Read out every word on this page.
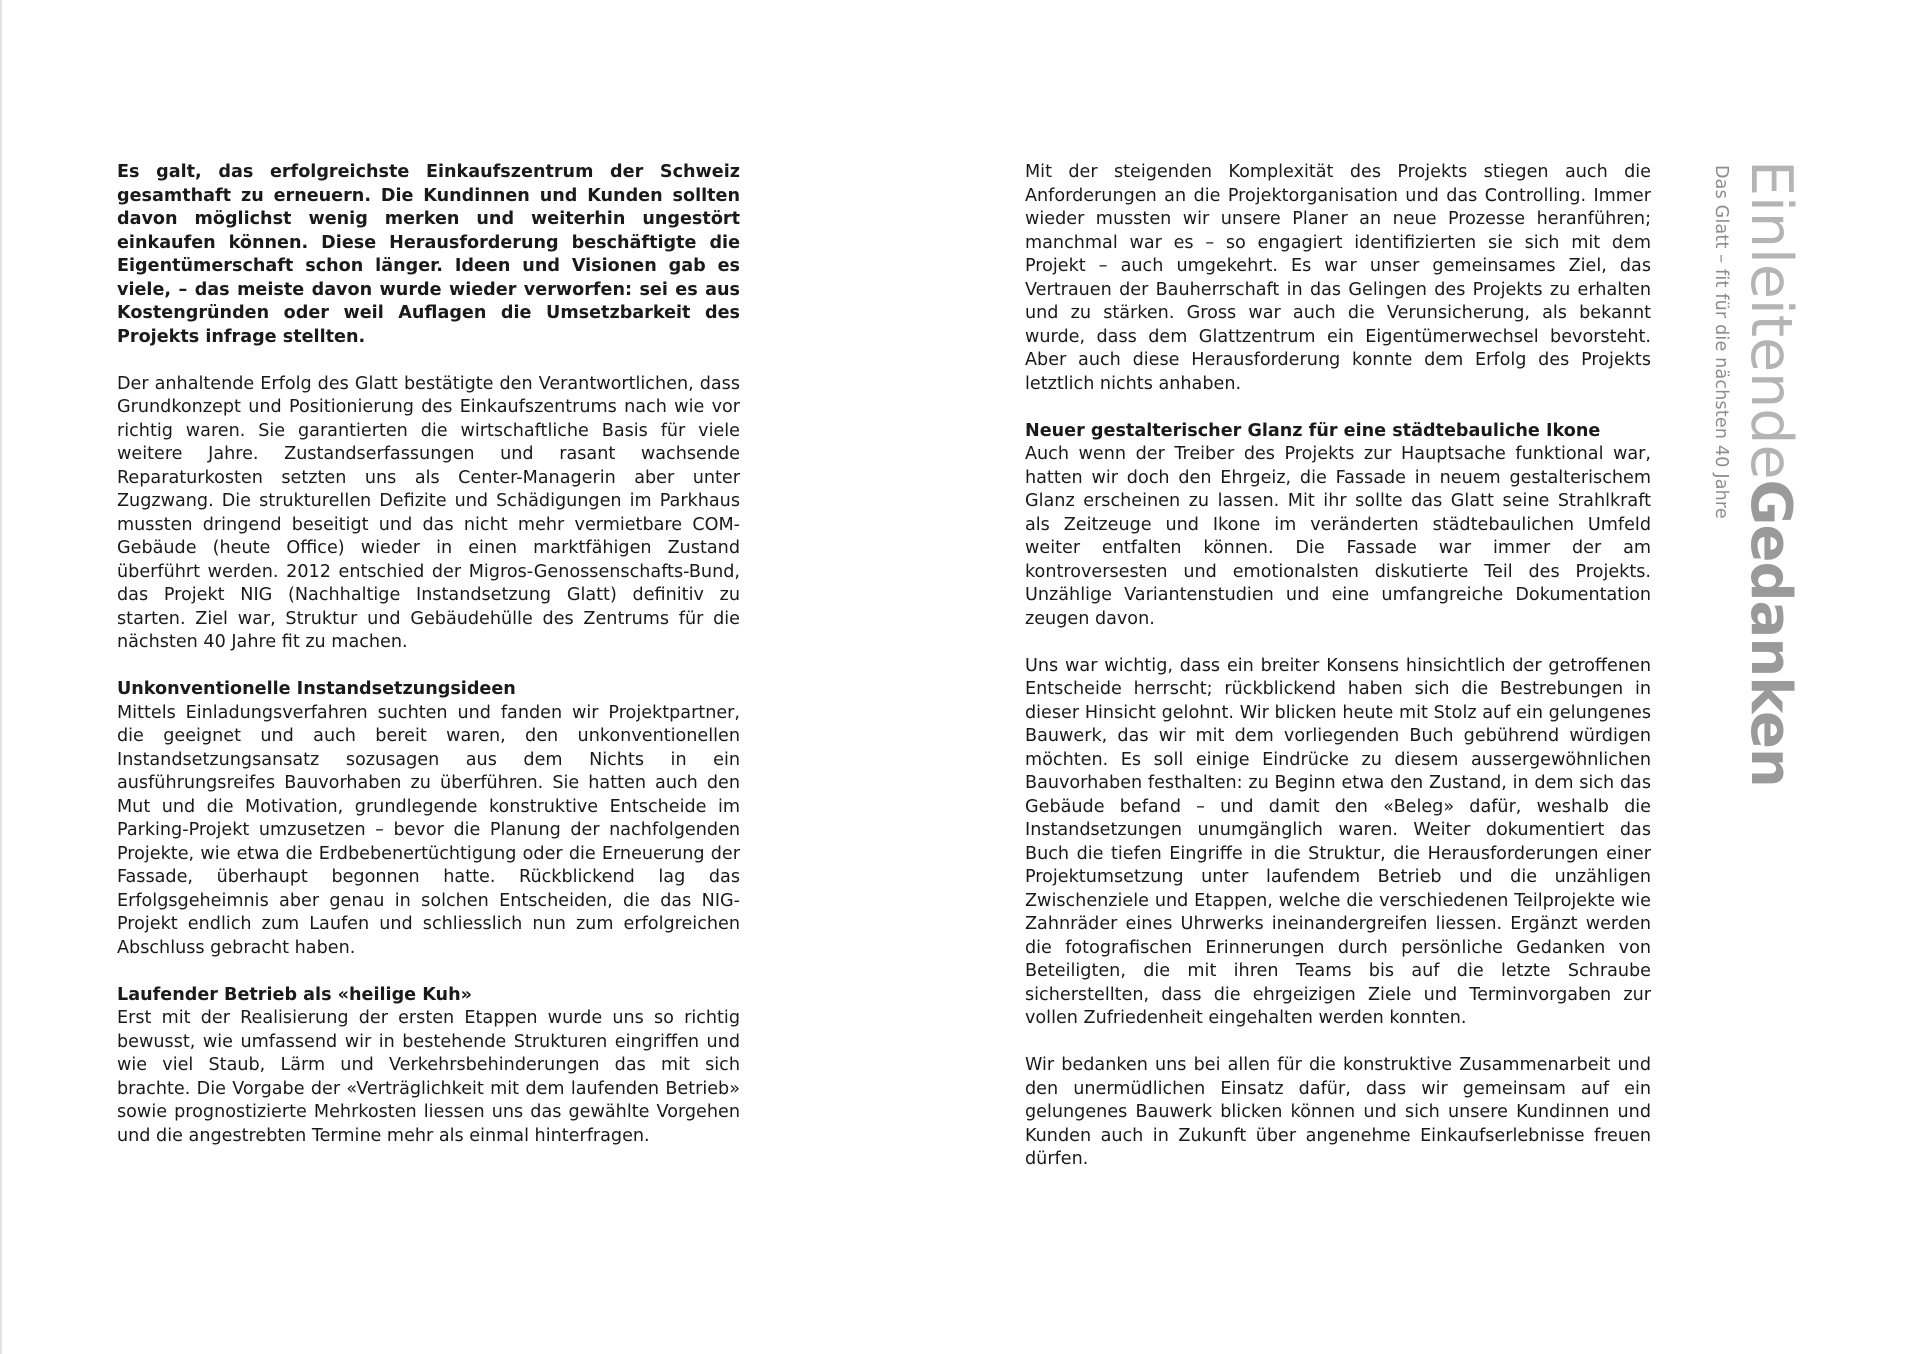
Es galt, das erfolgreichste Einkaufszentrum der Schweiz gesamthaft zu erneuern. Die Kundinnen und Kunden sollten davon möglichst wenig merken und weiterhin ungestört einkaufen können. Diese Herausforderung beschäftigte die Eigentümerschaft schon länger. Ideen und Visionen gab es viele, – das meiste davon wurde wieder verworfen: sei es aus Kostengründen oder weil Auflagen die Umsetzbarkeit des Projekts infrage stellten.

Der anhaltende Erfolg des Glatt bestätigte den Verantwortlichen, dass Grundkonzept und Positionierung des Einkaufszentrums nach wie vor richtig waren. Sie garantierten die wirtschaftliche Basis für viele weitere Jahre. Zustandserfassungen und rasant wachsende Reparaturkosten setzten uns als Center-Managerin aber unter Zugzwang. Die strukturellen Defizite und Schädigungen im Parkhaus mussten dringend beseitigt und das nicht mehr vermietbare COM-Gebäude (heute Office) wieder in einen marktfähigen Zustand überführt werden. 2012 entschied der Migros-Genossenschafts-Bund, das Projekt NIG (Nachhaltige Instandsetzung Glatt) definitiv zu starten. Ziel war, Struktur und Gebäudehülle des Zentrums für die nächsten 40 Jahre fit zu machen.

Unkonventionelle Instandsetzungsideen
Mittels Einladungsverfahren suchten und fanden wir Projektpartner, die geeignet und auch bereit waren, den unkonventionellen Instandsetzungsansatz sozusagen aus dem Nichts in ein ausführungsreifes Bauvorhaben zu überführen. Sie hatten auch den Mut und die Motivation, grundlegende konstruktive Entscheide im Parking-Projekt umzusetzen – bevor die Planung der nachfolgenden Projekte, wie etwa die Erdbebenertüchtigung oder die Erneuerung der Fassade, überhaupt begonnen hatte. Rückblickend lag das Erfolgsgeheimnis aber genau in solchen Entscheiden, die das NIG-Projekt endlich zum Laufen und schliesslich nun zum erfolgreichen Abschluss gebracht haben.

Laufender Betrieb als «heilige Kuh»
Erst mit der Realisierung der ersten Etappen wurde uns so richtig bewusst, wie umfassend wir in bestehende Strukturen eingriffen und wie viel Staub, Lärm und Verkehrsbehinderungen das mit sich brachte. Die Vorgabe der «Verträglichkeit mit dem laufenden Betrieb» sowie prognostizierte Mehrkosten liessen uns das gewählte Vorgehen und die angestrebten Termine mehr als einmal hinterfragen.

Mit der steigenden Komplexität des Projekts stiegen auch die Anforderungen an die Projektorganisation und das Controlling. Immer wieder mussten wir unsere Planer an neue Prozesse heranführen; manchmal war es – so engagiert identifizierten sie sich mit dem Projekt – auch umgekehrt. Es war unser gemeinsames Ziel, das Vertrauen der Bauherrschaft in das Gelingen des Projekts zu erhalten und zu stärken. Gross war auch die Verunsicherung, als bekannt wurde, dass dem Glattzentrum ein Eigentümerwechsel bevorsteht. Aber auch diese Herausforderung konnte dem Erfolg des Projekts letztlich nichts anhaben.

Neuer gestalterischer Glanz für eine städtebauliche Ikone
Auch wenn der Treiber des Projekts zur Hauptsache funktional war, hatten wir doch den Ehrgeiz, die Fassade in neuem gestalterischem Glanz erscheinen zu lassen. Mit ihr sollte das Glatt seine Strahlkraft als Zeitzeuge und Ikone im veränderten städtebaulichen Umfeld weiter entfalten können. Die Fassade war immer der am kontroversesten und emotionalsten diskutierte Teil des Projekts. Unzählige Variantenstudien und eine umfangreiche Dokumentation zeugen davon.

Uns war wichtig, dass ein breiter Konsens hinsichtlich der getroffenen Entscheide herrscht; rückblickend haben sich die Bestrebungen in dieser Hinsicht gelohnt. Wir blicken heute mit Stolz auf ein gelungenes Bauwerk, das wir mit dem vorliegenden Buch gebührend würdigen möchten. Es soll einige Eindrücke zu diesem aussergewöhnlichen Bauvorhaben festhalten: zu Beginn etwa den Zustand, in dem sich das Gebäude befand – und damit den «Beleg» dafür, weshalb die Instandsetzungen unumgänglich waren. Weiter dokumentiert das Buch die tiefen Eingriffe in die Struktur, die Herausforderungen einer Projektumsetzung unter laufendem Betrieb und die unzähligen Zwischenziele und Etappen, welche die verschiedenen Teilprojekte wie Zahnräder eines Uhrwerks ineinandergreifen liessen. Ergänzt werden die fotografischen Erinnerungen durch persönliche Gedanken von Beteiligten, die mit ihren Teams bis auf die letzte Schraube sicherstellten, dass die ehrgeizigen Ziele und Terminvorgaben zur vollen Zufriedenheit eingehalten werden konnten.

Wir bedanken uns bei allen für die konstruktive Zusammenarbeit und den unermüdlichen Einsatz dafür, dass wir gemeinsam auf ein gelungenes Bauwerk blicken können und sich unsere Kundinnen und Kunden auch in Zukunft über angenehme Einkaufserlebnisse freuen dürfen.

Das Glatt – fit für die nächsten 40 Jahre EinleitendeGedanken
